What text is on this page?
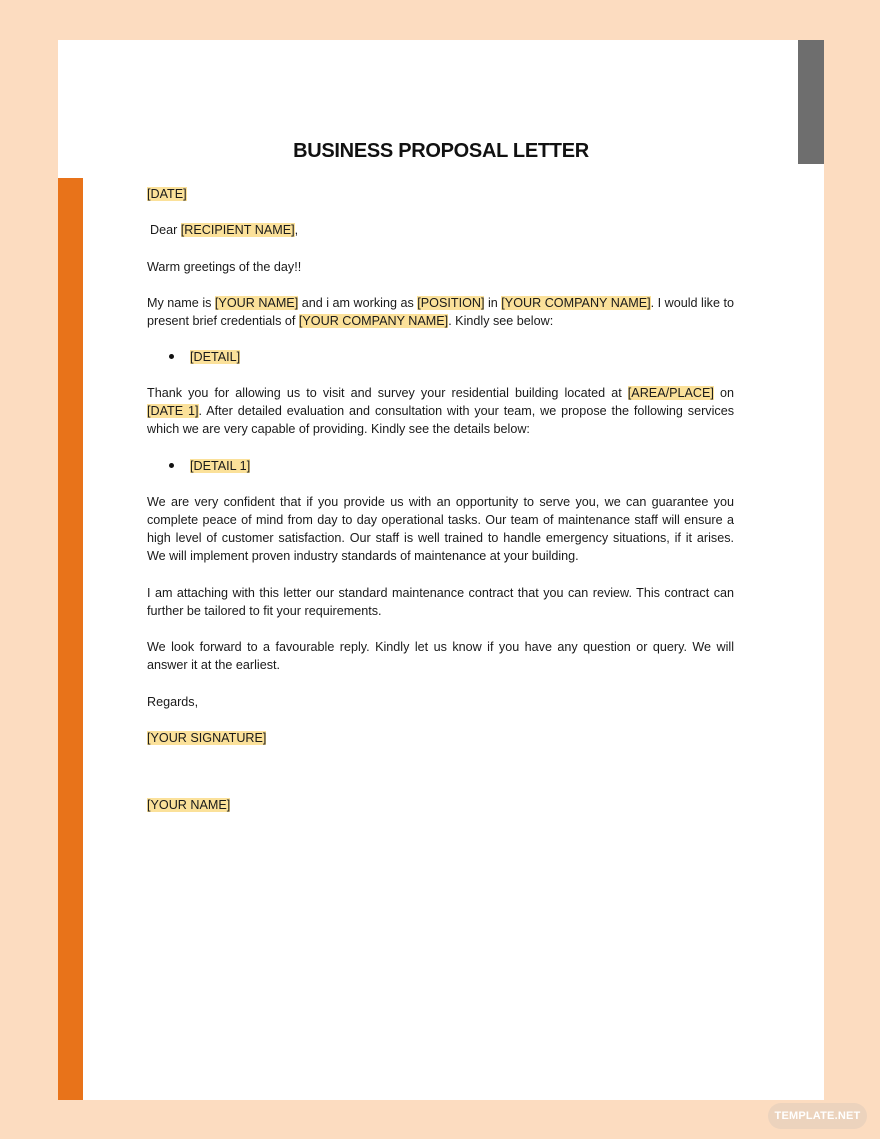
BUSINESS PROPOSAL LETTER

[DATE]

Dear [RECIPIENT NAME],

Warm greetings of the day!!

My name is [YOUR NAME] and i am working as [POSITION] in [YOUR COMPANY NAME]. I would like to present brief credentials of [YOUR COMPANY NAME]. Kindly see below:

[DETAIL]

Thank you for allowing us to visit and survey your residential building located at [AREA/PLACE] on [DATE 1]. After detailed evaluation and consultation with your team, we propose the following services which we are very capable of providing. Kindly see the details below:

[DETAIL 1]

We are very confident that if you provide us with an opportunity to serve you, we can guarantee you complete peace of mind from day to day operational tasks. Our team of maintenance staff will ensure a high level of customer satisfaction. Our staff is well trained to handle emergency situations, if it arises. We will implement proven industry standards of maintenance at your building.

I am attaching with this letter our standard maintenance contract that you can review. This contract can further be tailored to fit your requirements.

We look forward to a favourable reply. Kindly let us know if you have any question or query. We will answer it at the earliest.

Regards,

[YOUR SIGNATURE]

[YOUR NAME]

TEMPLATE.NET
